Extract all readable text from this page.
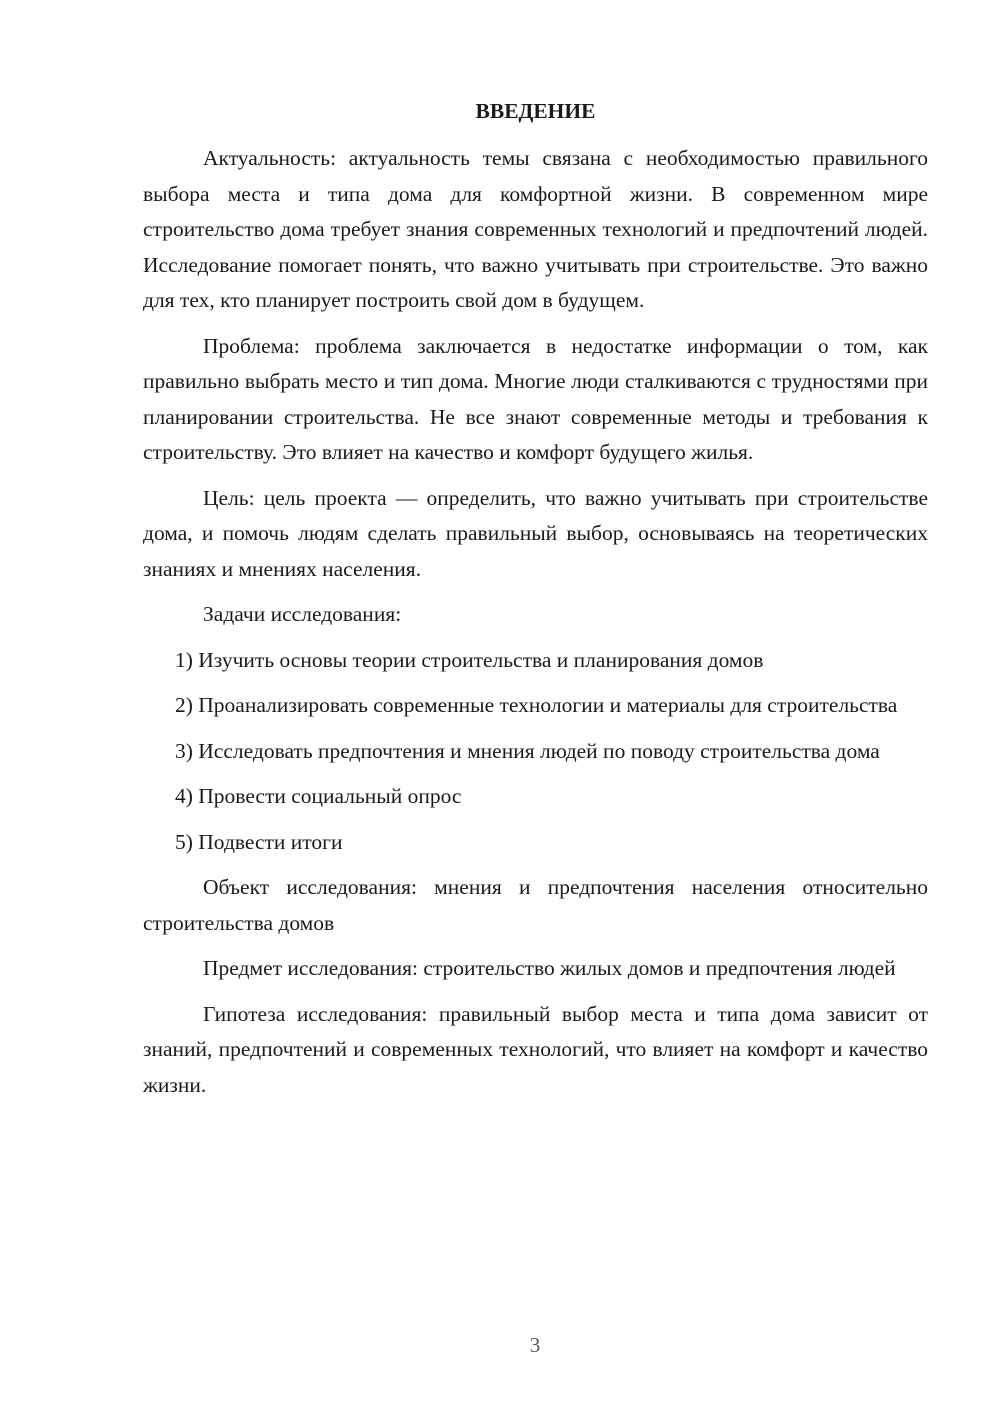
ВВЕДЕНИЕ

Актуальность: актуальность темы связана с необходимостью правильного выбора места и типа дома для комфортной жизни. В современном мире строительство дома требует знания современных технологий и предпочтений людей. Исследование помогает понять, что важно учитывать при строительстве. Это важно для тех, кто планирует построить свой дом в будущем.

Проблема: проблема заключается в недостатке информации о том, как правильно выбрать место и тип дома. Многие люди сталкиваются с трудностями при планировании строительства. Не все знают современные методы и требования к строительству. Это влияет на качество и комфорт будущего жилья.

Цель: цель проекта — определить, что важно учитывать при строительстве дома, и помочь людям сделать правильный выбор, основываясь на теоретических знаниях и мнениях населения.

Задачи исследования:

1) Изучить основы теории строительства и планирования домов

2) Проанализировать современные технологии и материалы для строительства

3) Исследовать предпочтения и мнения людей по поводу строительства дома

4) Провести социальный опрос

5) Подвести итоги

Объект исследования: мнения и предпочтения населения относительно строительства домов

Предмет исследования: строительство жилых домов и предпочтения людей

Гипотеза исследования: правильный выбор места и типа дома зависит от знаний, предпочтений и современных технологий, что влияет на комфорт и качество жизни.

3
